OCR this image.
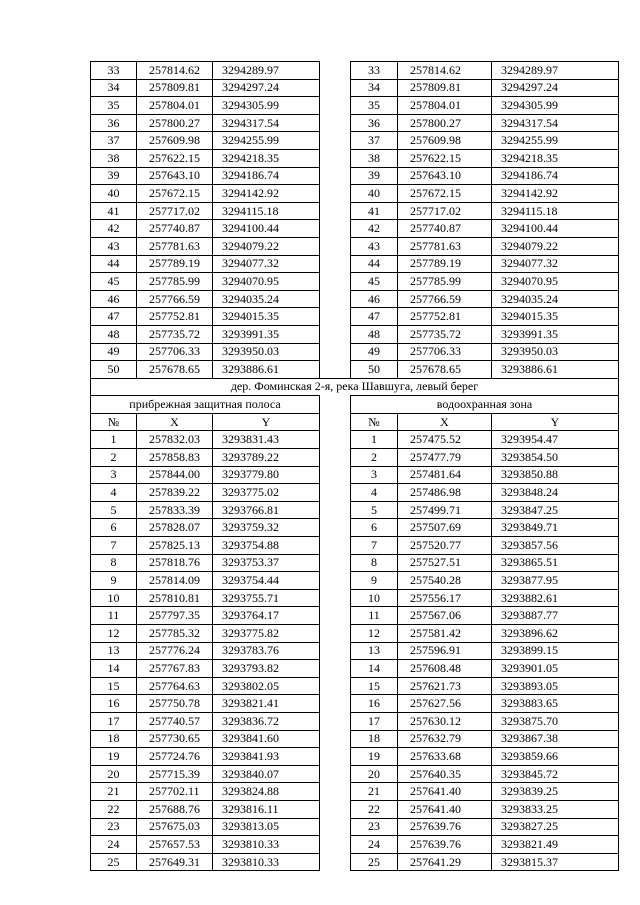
33	257814.62	3294289.97		33	257814.62	3294289.97
34	257809.81	3294297.24		34	257809.81	3294297.24
35	257804.01	3294305.99		35	257804.01	3294305.99
36	257800.27	3294317.54		36	257800.27	3294317.54
37	257609.98	3294255.99		37	257609.98	3294255.99
38	257622.15	3294218.35		38	257622.15	3294218.35
39	257643.10	3294186.74		39	257643.10	3294186.74
40	257672.15	3294142.92		40	257672.15	3294142.92
41	257717.02	3294115.18		41	257717.02	3294115.18
42	257740.87	3294100.44		42	257740.87	3294100.44
43	257781.63	3294079.22		43	257781.63	3294079.22
44	257789.19	3294077.32		44	257789.19	3294077.32
45	257785.99	3294070.95		45	257785.99	3294070.95
46	257766.59	3294035.24		46	257766.59	3294035.24
47	257752.81	3294015.35		47	257752.81	3294015.35
48	257735.72	3293991.35		48	257735.72	3293991.35
49	257706.33	3293950.03		49	257706.33	3293950.03
50	257678.65	3293886.61		50	257678.65	3293886.61
дер. Фоминская 2-я, река Шавшуга, левый берег						
прибрежная защитная полоса				водоохранная зона		
№	X	Y		№	X	Y
1	257832.03	3293831.43		1	257475.52	3293954.47
2	257858.83	3293789.22		2	257477.79	3293854.50
3	257844.00	3293779.80		3	257481.64	3293850.88
4	257839.22	3293775.02		4	257486.98	3293848.24
5	257833.39	3293766.81		5	257499.71	3293847.25
6	257828.07	3293759.32		6	257507.69	3293849.71
7	257825.13	3293754.88		7	257520.77	3293857.56
8	257818.76	3293753.37		8	257527.51	3293865.51
9	257814.09	3293754.44		9	257540.28	3293877.95
10	257810.81	3293755.71		10	257556.17	3293882.61
11	257797.35	3293764.17		11	257567.06	3293887.77
12	257785.32	3293775.82		12	257581.42	3293896.62
13	257776.24	3293783.76		13	257596.91	3293899.15
14	257767.83	3293793.82		14	257608.48	3293901.05
15	257764.63	3293802.05		15	257621.73	3293893.05
16	257750.78	3293821.41		16	257627.56	3293883.65
17	257740.57	3293836.72		17	257630.12	3293875.70
18	257730.65	3293841.60		18	257632.79	3293867.38
19	257724.76	3293841.93		19	257633.68	3293859.66
20	257715.39	3293840.07		20	257640.35	3293845.72
21	257702.11	3293824.88		21	257641.40	3293839.25
22	257688.76	3293816.11		22	257641.40	3293833.25
23	257675.03	3293813.05		23	257639.76	3293827.25
24	257657.53	3293810.33		24	257639.76	3293821.49
25	257649.31	3293810.33		25	257641.29	3293815.37
